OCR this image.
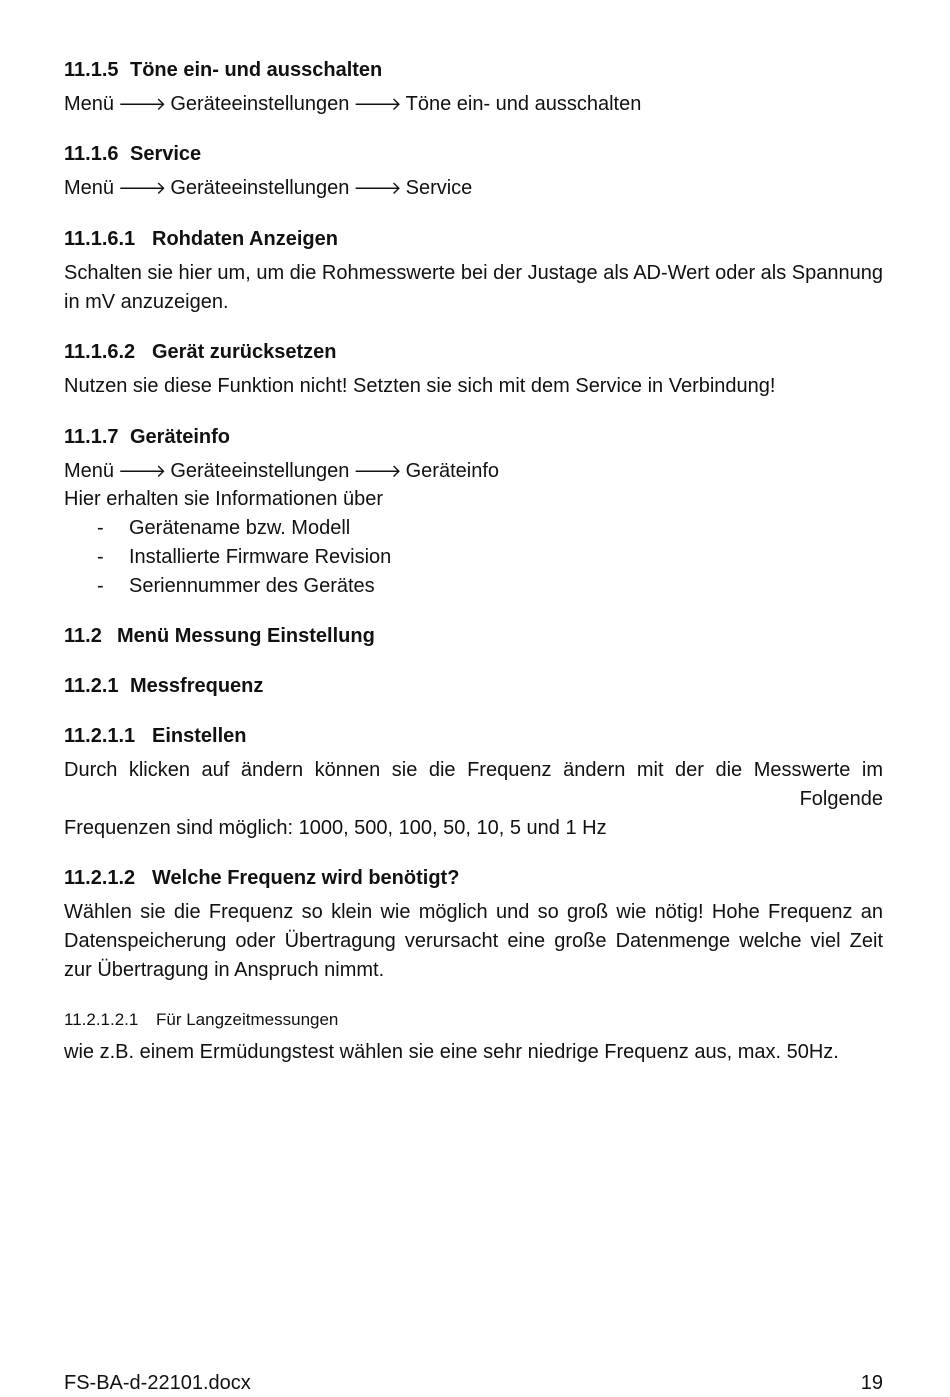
11.1.5 Töne ein- und ausschalten
Menü 🡒 Geräteeinstellungen 🡒 Töne ein- und ausschalten
11.1.6 Service
Menü 🡒 Geräteeinstellungen 🡒 Service
11.1.6.1 Rohdaten Anzeigen
Schalten sie hier um, um die Rohmesswerte bei der Justage als AD-Wert oder als Spannung in mV anzuzeigen.
11.1.6.2 Gerät zurücksetzen
Nutzen sie diese Funktion nicht! Setzten sie sich mit dem Service in Verbindung!
11.1.7 Geräteinfo
Menü 🡒 Geräteeinstellungen 🡒 Geräteinfo
Hier erhalten sie Informationen über
- Gerätename bzw. Modell
- Installierte Firmware Revision
- Seriennummer des Gerätes
11.2 Menü Messung Einstellung
11.2.1 Messfrequenz
11.2.1.1 Einstellen
Durch klicken auf ändern können sie die Frequenz ändern mit der die Messwerte im
Folgende
Frequenzen sind möglich: 1000, 500, 100, 50, 10, 5 und 1 Hz
11.2.1.2 Welche Frequenz wird benötigt?
Wählen sie die Frequenz so klein wie möglich und so groß wie nötig! Hohe Frequenz an Datenspeicherung oder Übertragung verursacht eine große Datenmenge welche viel Zeit zur Übertragung in Anspruch nimmt.
11.2.1.2.1 Für Langzeitmessungen
wie z.B. einem Ermüdungstest wählen sie eine sehr niedrige Frequenz aus, max. 50Hz.
FS-BA-d-22101.docx	19
